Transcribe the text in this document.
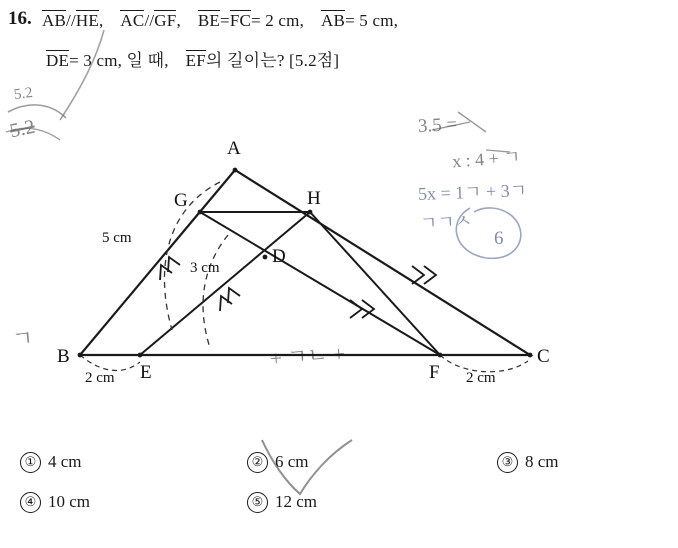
16. AB//HE, AC//GF, BE=FC= 2 cm, AB= 5 cm,
DE= 3 cm, 일 때, EF의 길이는? [5.2점]
5.2
5.2	3.5 =
x : 4 + ㄱ
5x = 1ㄱ + 3ㄱ
ㄱㄱㅅ
ㄱ
+ ㄱㄴ +
6
A
G	H
D
B
E	F
C
5 cm
3 cm
2 cm	2 cm
① 4 cm	② 6 cm	③ 8 cm
④ 10 cm	⑤ 12 cm
